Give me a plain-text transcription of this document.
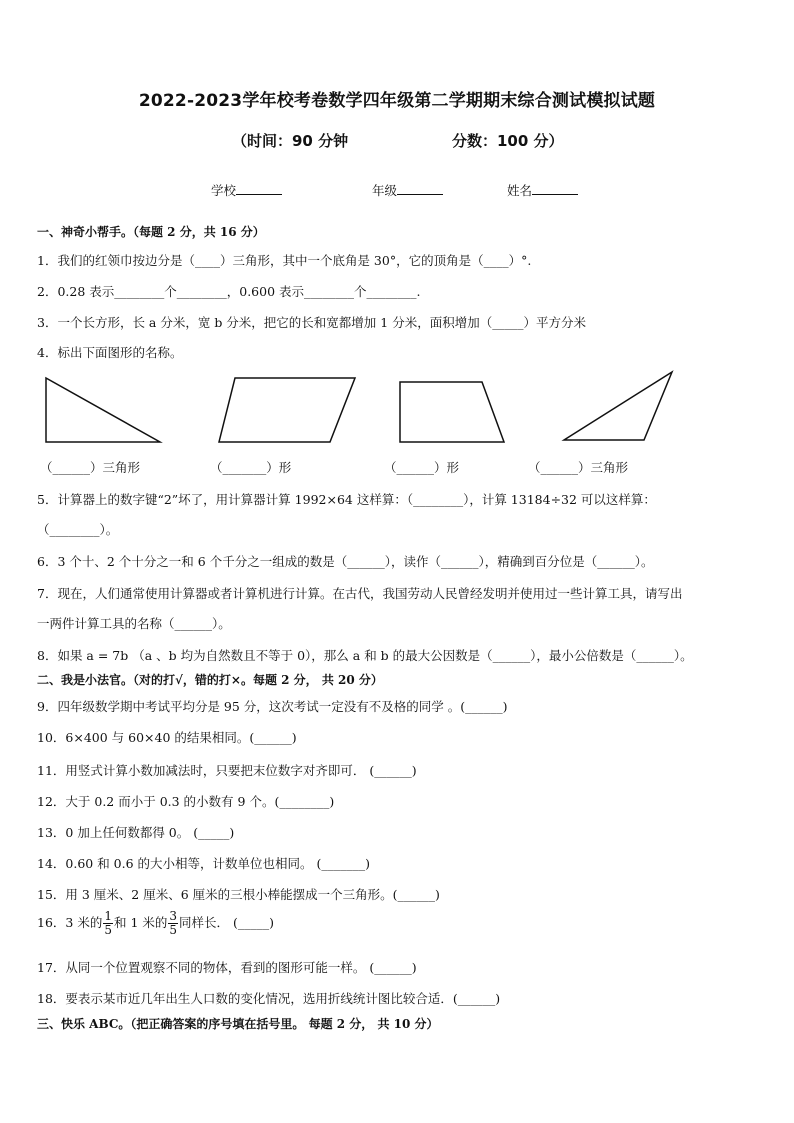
2022-2023学年校考卷数学四年级第二学期期末综合测试模拟试题
（时间：90 分钟	分数：100 分）
学校	年级	姓名
一、神奇小帮手。（每题 2 分，共 16 分）
1．我们的红领巾按边分是（____）三角形，其中一个底角是 30°，它的顶角是（____）°.
2．0.28 表示________个________，0.600 表示________个________.
3．一个长方形，长 a 分米，宽 b 分米，把它的长和宽都增加 1 分米，面积增加（_____）平方分米
4．标出下面图形的名称。
（______）三角形	（_______）形	（______）形	（______）三角形
5．计算器上的数字键“2”坏了，用计算器计算 1992×64 这样算：（________），计算 13184÷32 可以这样算：
（________）。
6．3 个十、2 个十分之一和 6 个千分之一组成的数是（______），读作（______），精确到百分位是（______）。
7．现在，人们通常使用计算器或者计算机进行计算。在古代，我国劳动人民曾经发明并使用过一些计算工具，请写出
一两件计算工具的名称（______）。
8．如果 a = 7b （a 、b 均为自然数且不等于 0），那么 a 和 b 的最大公因数是（______），最小公倍数是（______）。
二、我是小法官。（对的打√，错的打×。每题 2 分， 共 20 分）
9．四年级数学期中考试平均分是 95 分，这次考试一定没有不及格的同学 。(______)
10．6×400 与 60×40 的结果相同。(______)
11．用竖式计算小数加减法时，只要把末位数字对齐即可． (______)
12．大于 0.2 而小于 0.3 的小数有 9 个。(________)
13．0 加上任何数都得 0。 (_____)
14．0.60 和 0.6 的大小相等，计数单位也相同。 (_______)
15．用 3 厘米、2 厘米、6 厘米的三根小棒能摆成一个三角形。(______)
16．3 米的 $\frac{1}{5}$ 和 1 米的 $\frac{3}{5}$ 同样长． (_____)
17．从同一个位置观察不同的物体，看到的图形可能一样。 (______)
18．要表示某市近几年出生人口数的变化情况，选用折线统计图比较合适．(______)
三、快乐 ABC。（把正确答案的序号填在括号里。 每题 2 分， 共 10 分）
